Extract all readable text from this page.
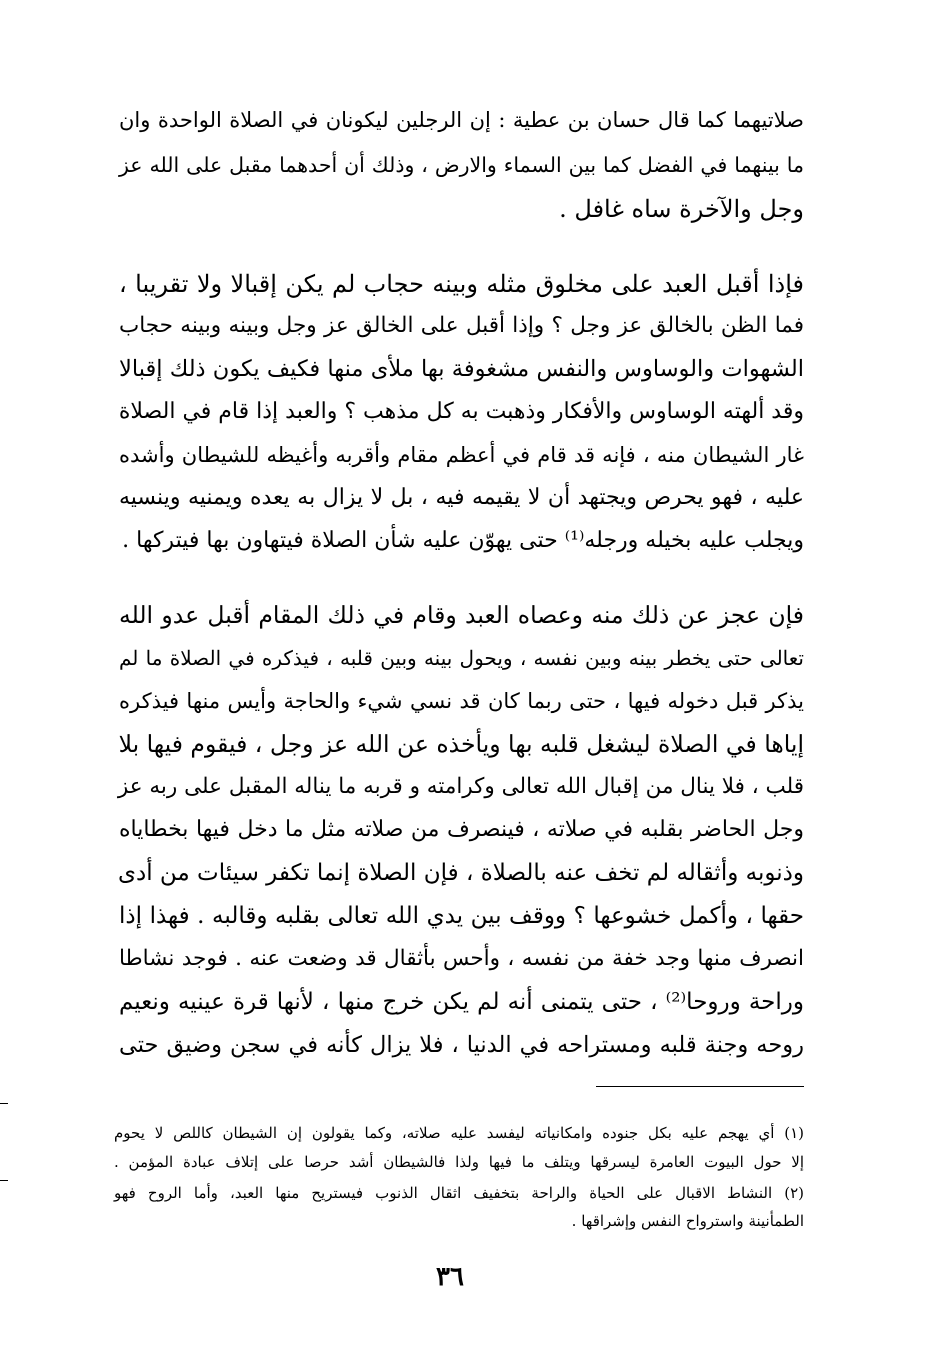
صلاتيهما كما قال حسان بن عطية : إن الرجلين ليكونان في الصلاة الواحدة وان

ما بينهما في الفضل كما بين السماء والارض ، وذلك أن أحدهما مقبل على الله عز

وجل والآخرة ساه غافل .

فإذا أقبل العبد على مخلوق مثله وبينه حجاب لم يكن إقبالا ولا تقريبا ،

فما الظن بالخالق عز وجل ؟ وإذا أقبل على الخالق عز وجل وبينه وبينه حجاب

الشهوات والوساوس والنفس مشغوفة بها ملأى منها فكيف يكون ذلك إقبالا

وقد ألهته الوساوس والأفكار وذهبت به كل مذهب ؟ والعبد إذا قام في الصلاة

غار الشيطان منه ، فإنه قد قام في أعظم مقام وأقربه وأغيظه للشيطان وأشده

عليه ، فهو يحرص ويجتهد أن لا يقيمه فيه ، بل لا يزال به يعده ويمنيه وينسيه

ويجلب عليه بخيله ورجله⁽¹⁾ حتى يهوّن عليه شأن الصلاة فيتهاون بها فيتركها .

فإن عجز عن ذلك منه وعصاه العبد وقام في ذلك المقام أقبل عدو الله

تعالى حتى يخطر بينه وبين نفسه ، ويحول بينه وبين قلبه ، فيذكره في الصلاة ما لم

يذكر قبل دخوله فيها ، حتى ربما كان قد نسي شيء والحاجة وأيس منها فيذكره

إياها في الصلاة ليشغل قلبه بها ويأخذه عن الله عز وجل ، فيقوم فيها بلا

قلب ، فلا ينال من إقبال الله تعالى وكرامته و قربه ما يناله المقبل على ربه عز

وجل الحاضر بقلبه في صلاته ، فينصرف من صلاته مثل ما دخل فيها بخطاياه

وذنوبه وأثقاله لم تخف عنه بالصلاة ، فإن الصلاة إنما تكفر سيئات من أدى

حقها ، وأكمل خشوعها ؟ ووقف بين يدي الله تعالى بقلبه وقالبه . فهذا إذا

انصرف منها وجد خفة من نفسه ، وأحس بأثقال قد وضعت عنه . فوجد نشاطا

وراحة وروحا⁽²⁾ ، حتى يتمنى أنه لم يكن خرج منها ، لأنها قرة عينيه ونعيم

روحه وجنة قلبه ومستراحه في الدنيا ، فلا يزال كأنه في سجن وضيق حتى

(١) أي يهجم عليه بكل جنوده وامكانياته ليفسد عليه صلاته، وكما يقولون إن الشيطان كاللص لا يحوم

إلا حول البيوت العامرة ليسرقها ويتلف ما فيها ولذا فالشيطان أشد حرصا على إتلاف عبادة المؤمن .

(٢) النشاط الاقبال على الحياة والراحة بتخفيف اثقال الذنوب فيستريح منها العبد، وأما الروح فهو

الطمأنينة واسترواح النفس وإشراقها .

٣٦
